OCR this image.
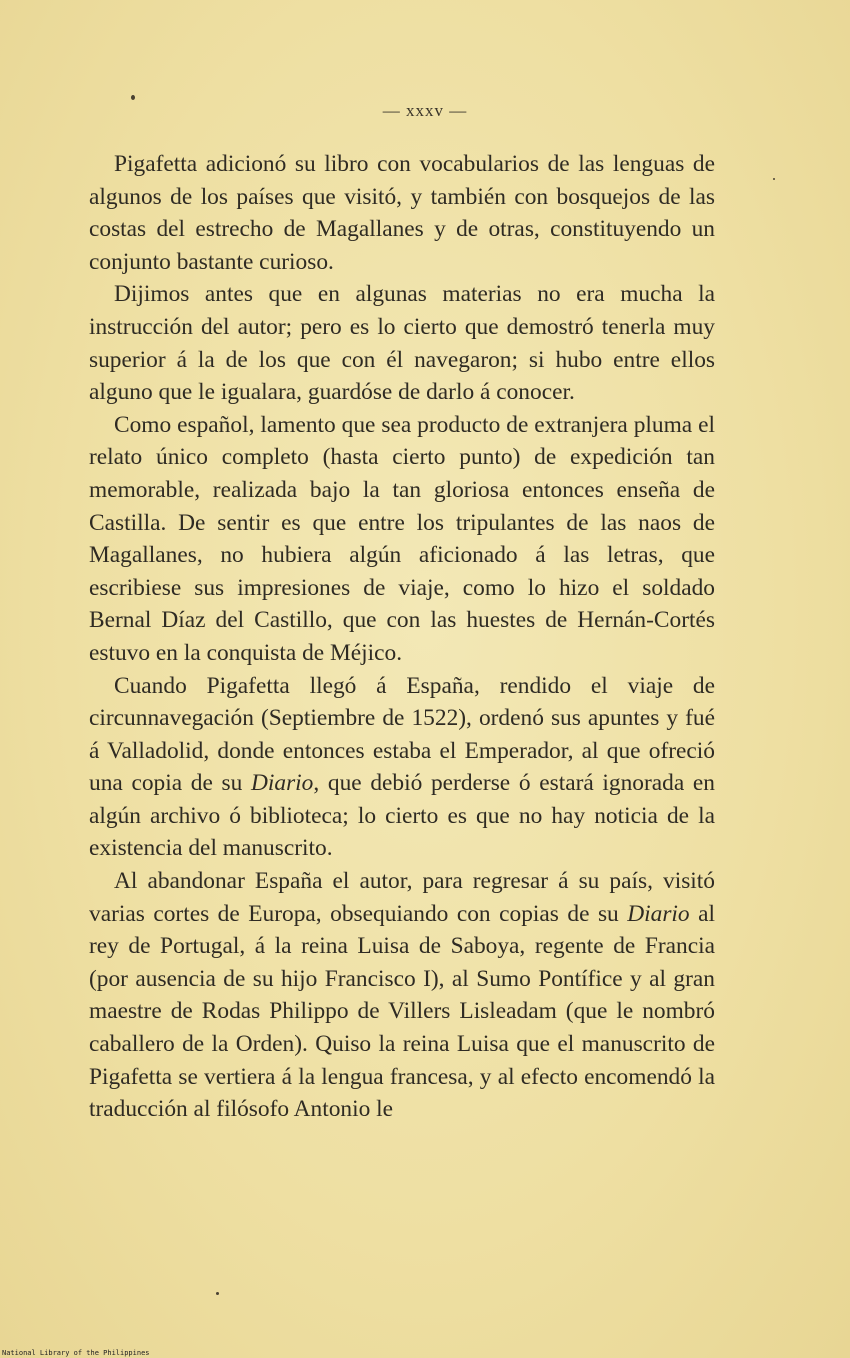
— xxxv —

Pigafetta adicionó su libro con vocabularios de las lenguas de algunos de los países que visitó, y también con bosquejos de las costas del estrecho de Magallanes y de otras, constituyendo un conjunto bastante curioso.

Dijimos antes que en algunas materias no era mucha la instrucción del autor; pero es lo cierto que demostró tenerla muy superior á la de los que con él navegaron; si hubo entre ellos alguno que le igualara, guardóse de darlo á conocer.

Como español, lamento que sea producto de extranjera pluma el relato único completo (hasta cierto punto) de expedición tan memorable, realizada bajo la tan gloriosa entonces enseña de Castilla. De sentir es que entre los tripulantes de las naos de Magallanes, no hubiera algún aficionado á las letras, que escribiese sus impresiones de viaje, como lo hizo el soldado Bernal Díaz del Castillo, que con las huestes de Hernán-Cortés estuvo en la conquista de Méjico.

Cuando Pigafetta llegó á España, rendido el viaje de circunnavegación (Septiembre de 1522), ordenó sus apuntes y fué á Valladolid, donde entonces estaba el Emperador, al que ofreció una copia de su Diario, que debió perderse ó estará ignorada en algún archivo ó biblioteca; lo cierto es que no hay noticia de la existencia del manuscrito.

Al abandonar España el autor, para regresar á su país, visitó varias cortes de Europa, obsequiando con copias de su Diario al rey de Portugal, á la reina Luisa de Saboya, regente de Francia (por ausencia de su hijo Francisco I), al Sumo Pontífice y al gran maestre de Rodas Philippo de Villers Lisleadam (que le nombró caballero de la Orden). Quiso la reina Luisa que el manuscrito de Pigafetta se vertiera á la lengua francesa, y al efecto encomendó la traducción al filósofo Antonio le

National Library of the Philippines
